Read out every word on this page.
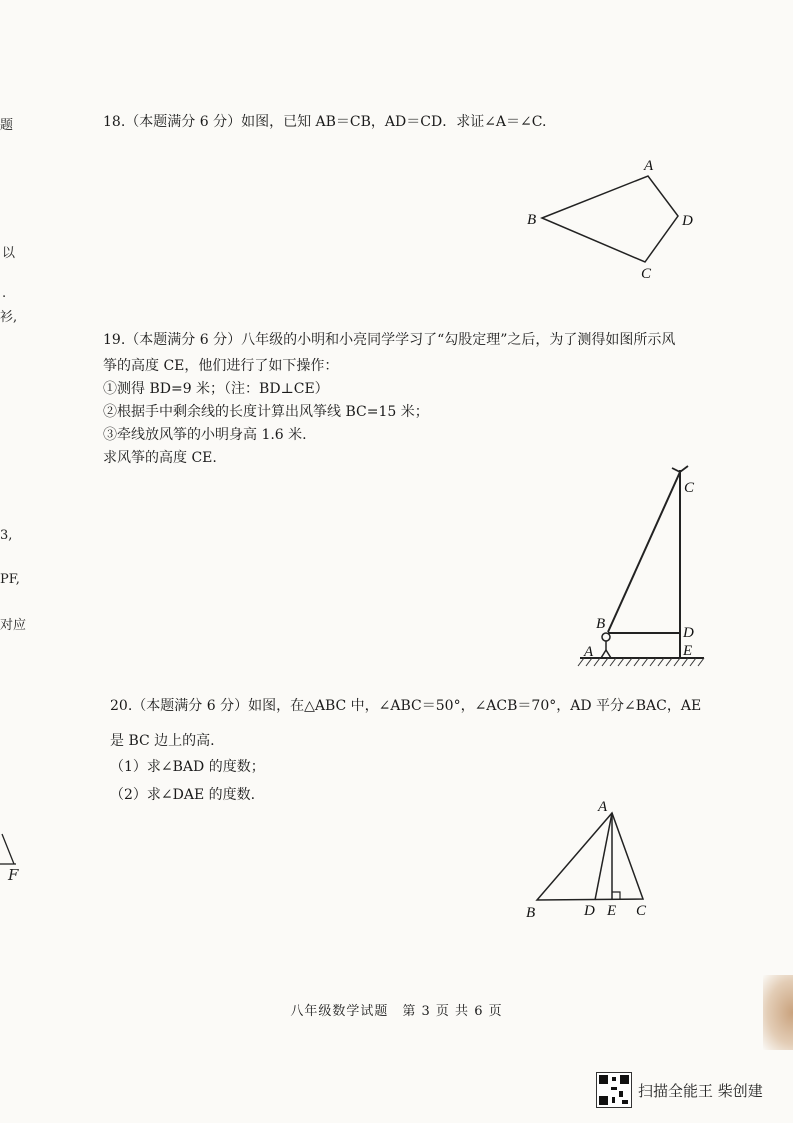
题
以
.
衫,
3,
PF,
对应
F
18.（本题满分 6 分）如图，已知 AB＝CB，AD＝CD．求证∠A＝∠C.
A
B	D
C
19.（本题满分 6 分）八年级的小明和小亮同学学习了“勾股定理”之后，为了测得如图所示风
筝的高度 CE，他们进行了如下操作：
①测得 BD=9 米；（注：BD⊥CE）
②根据手中剩余线的长度计算出风筝线 BC=15 米；
③牵线放风筝的小明身高 1.6 米.
求风筝的高度 CE.
C
B
D
E
A
20.（本题满分 6 分）如图，在△ABC 中，∠ABC＝50°，∠ACB＝70°，AD 平分∠BAC，AE
是 BC 边上的高.
（1）求∠BAD 的度数；
（2）求∠DAE 的度数.
A
B	D E C
八年级数学试题　第 3 页 共 6 页
扫描全能王 柴创建
